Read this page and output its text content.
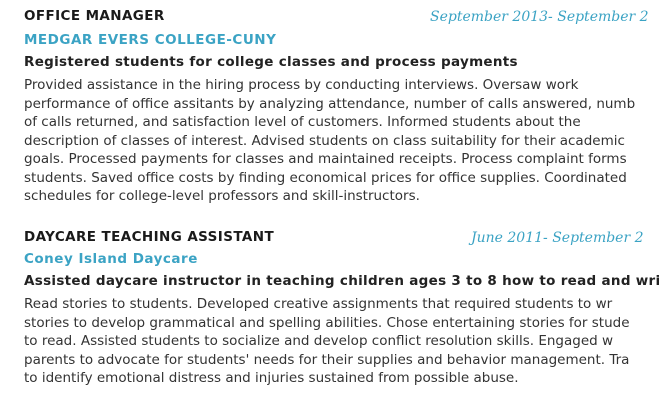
OFFICE MANAGER	September 2013- September 2
MEDGAR EVERS COLLEGE-CUNY
Registered students for college classes and process payments
Provided assistance in the hiring process by conducting interviews. Oversaw work
performance of office assitants by analyzing attendance, number of calls answered, numb
of calls returned, and satisfaction level of customers. Informed students about the
description of classes of interest. Advised students on class suitability for their academic
goals. Processed payments for classes and maintained receipts. Process complaint forms
students. Saved office costs by finding economical prices for office supplies. Coordinated
schedules for college-level professors and skill-instructors.
DAYCARE TEACHING ASSISTANT	June 2011- September 2
Coney Island Daycare
Assisted daycare instructor in teaching children ages 3 to 8 how to read and wri
Read stories to students. Developed creative assignments that required students to wr
stories to develop grammatical and spelling abilities. Chose entertaining stories for stude
to read. Assisted students to socialize and develop conflict resolution skills. Engaged w
parents to advocate for students' needs for their supplies and behavior management. Tra
to identify emotional distress and injuries sustained from possible abuse.
